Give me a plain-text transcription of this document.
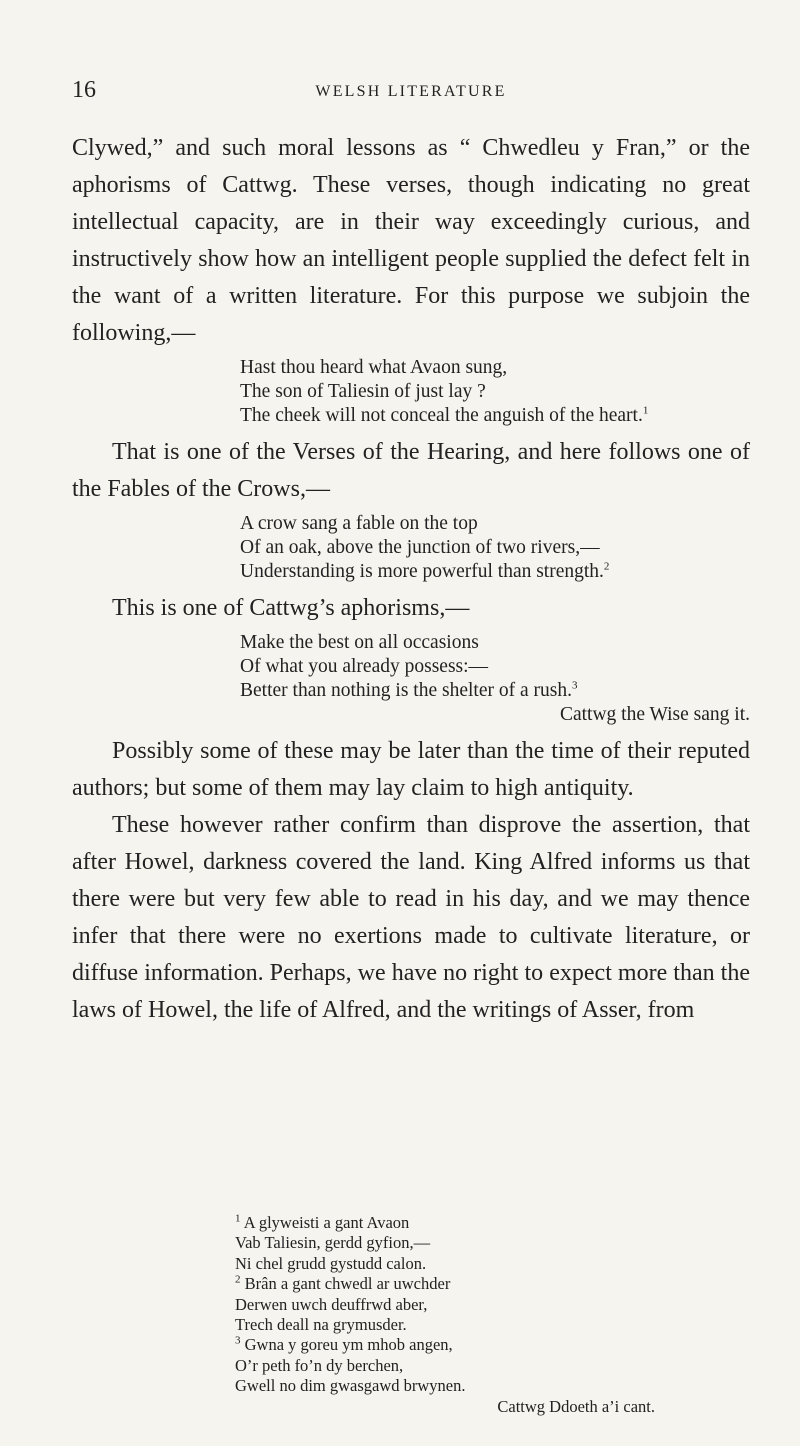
16	WELSH LITERATURE

Clywed,” and such moral lessons as “ Chwedleu y Fran,” or the aphorisms of Cattwg. These verses, though indicating no great intellectual capacity, are in their way exceedingly curious, and instructively show how an intelligent people supplied the defect felt in the want of a written literature. For this purpose we subjoin the following,—

Hast thou heard what Avaon sung,
The son of Taliesin of just lay ?
The cheek will not conceal the anguish of the heart.$^1$

That is one of the Verses of the Hearing, and here follows one of the Fables of the Crows,—

A crow sang a fable on the top
Of an oak, above the junction of two rivers,—
Understanding is more powerful than strength.$^2$

This is one of Cattwg’s aphorisms,—

Make the best on all occasions
Of what you already possess:—
Better than nothing is the shelter of a rush.$^3$
Cattwg the Wise sang it.

Possibly some of these may be later than the time of their reputed authors; but some of them may lay claim to high antiquity.

These however rather confirm than disprove the assertion, that after Howel, darkness covered the land. King Alfred informs us that there were but very few able to read in his day, and we may thence infer that there were no exertions made to cultivate literature, or diffuse information. Perhaps, we have no right to expect more than the laws of Howel, the life of Alfred, and the writings of Asser, from

$^1$ A glyweisti a gant Avaon
Vab Taliesin, gerdd gyfion,—
Ni chel grudd gystudd calon.
$^2$ Brân a gant chwedl ar uwchder
Derwen uwch deuffrwd aber,
Trech deall na grymusder.
$^3$ Gwna y goreu ym mhob angen,
O’r peth fo’n dy berchen,
Gwell no dim gwasgawd brwynen.
Cattwg Ddoeth a’i cant.
